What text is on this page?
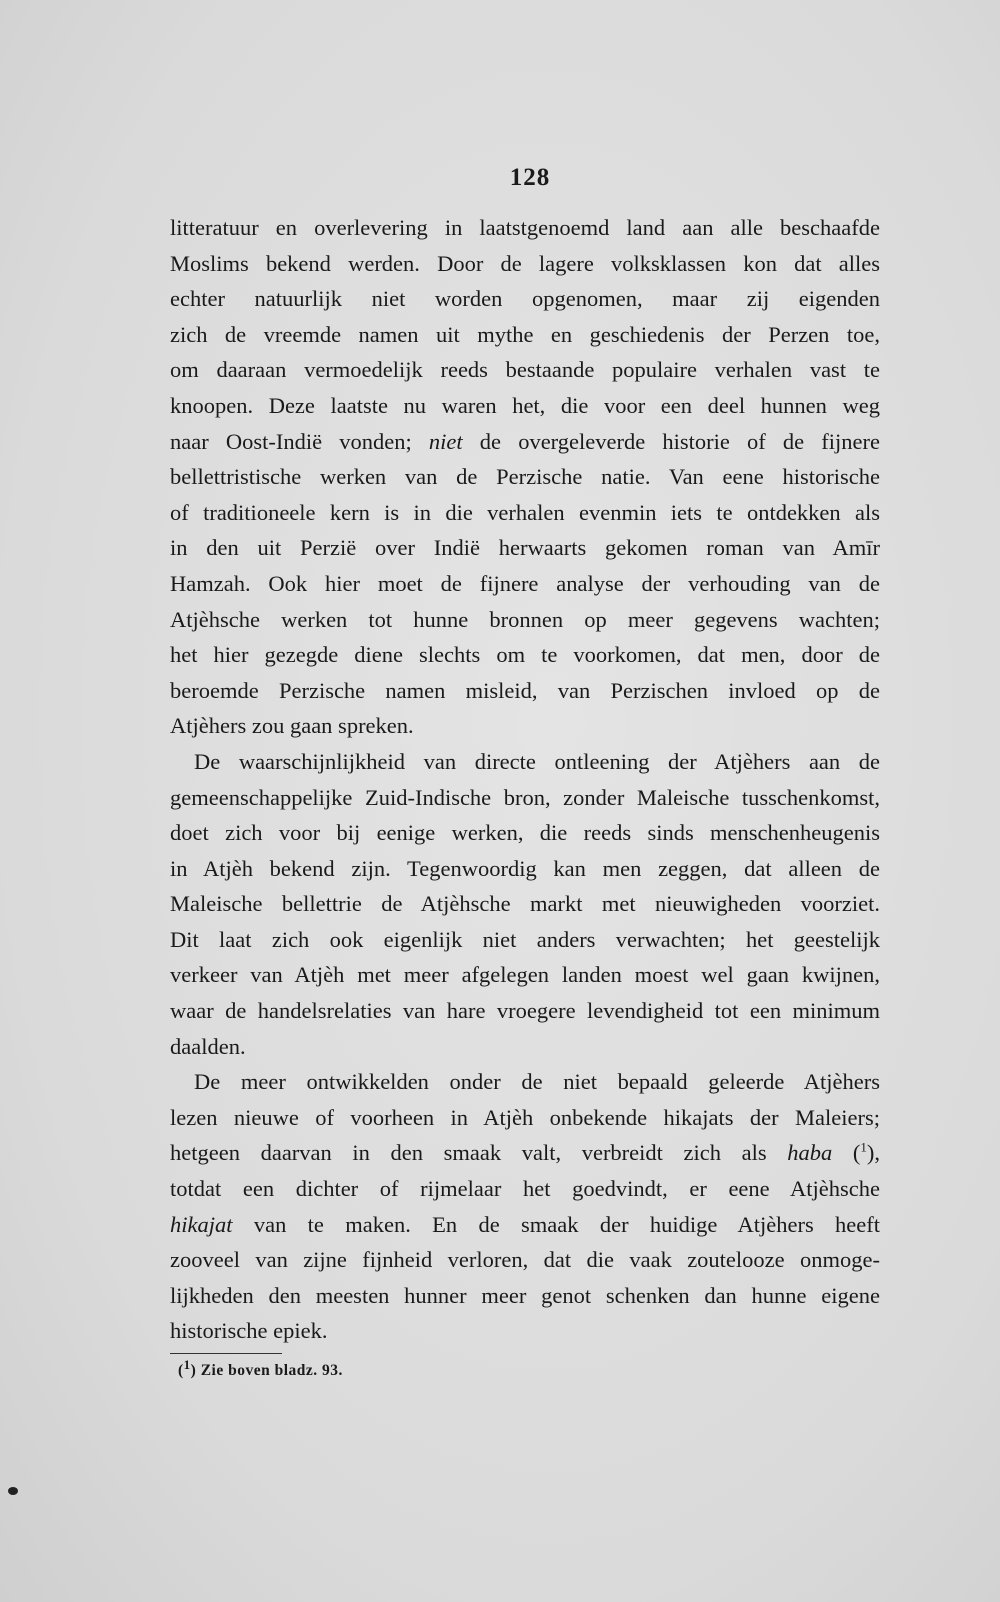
128
litteratuur en overlevering in laatstgenoemd land aan alle beschaafde
Moslims bekend werden. Door de lagere volksklassen kon dat alles
echter natuurlijk niet worden opgenomen, maar zij eigenden
zich de vreemde namen uit mythe en geschiedenis der Perzen toe,
om daaraan vermoedelijk reeds bestaande populaire verhalen vast te
knoopen. Deze laatste nu waren het, die voor een deel hunnen weg
naar Oost-Indië vonden; niet de overgeleverde historie of de fijnere
bellettristische werken van de Perzische natie. Van eene historische
of traditioneele kern is in die verhalen evenmin iets te ontdekken als
in den uit Perzië over Indië herwaarts gekomen roman van Amīr
Hamzah. Ook hier moet de fijnere analyse der verhouding van de
Atjèhsche werken tot hunne bronnen op meer gegevens wachten;
het hier gezegde diene slechts om te voorkomen, dat men, door de
beroemde Perzische namen misleid, van Perzischen invloed op de
Atjèhers zou gaan spreken.
De waarschijnlijkheid van directe ontleening der Atjèhers aan de
gemeenschappelijke Zuid-Indische bron, zonder Maleische tusschenkomst,
doet zich voor bij eenige werken, die reeds sinds menschenheugenis
in Atjèh bekend zijn. Tegenwoordig kan men zeggen, dat alleen de
Maleische bellettrie de Atjèhsche markt met nieuwigheden voorziet.
Dit laat zich ook eigenlijk niet anders verwachten; het geestelijk
verkeer van Atjèh met meer afgelegen landen moest wel gaan kwijnen,
waar de handelsrelaties van hare vroegere levendigheid tot een minimum
daalden.
De meer ontwikkelden onder de niet bepaald geleerde Atjèhers
lezen nieuwe of voorheen in Atjèh onbekende hikajats der Maleiers;
hetgeen daarvan in den smaak valt, verbreidt zich als haba ($^1$),
totdat een dichter of rijmelaar het goedvindt, er eene Atjèhsche
hikajat van te maken. En de smaak der huidige Atjèhers heeft
zooveel van zijne fijnheid verloren, dat die vaak zoutelooze onmoge-
lijkheden den meesten hunner meer genot schenken dan hunne eigene
historische epiek.
($^1$) Zie boven bladz. 93.
